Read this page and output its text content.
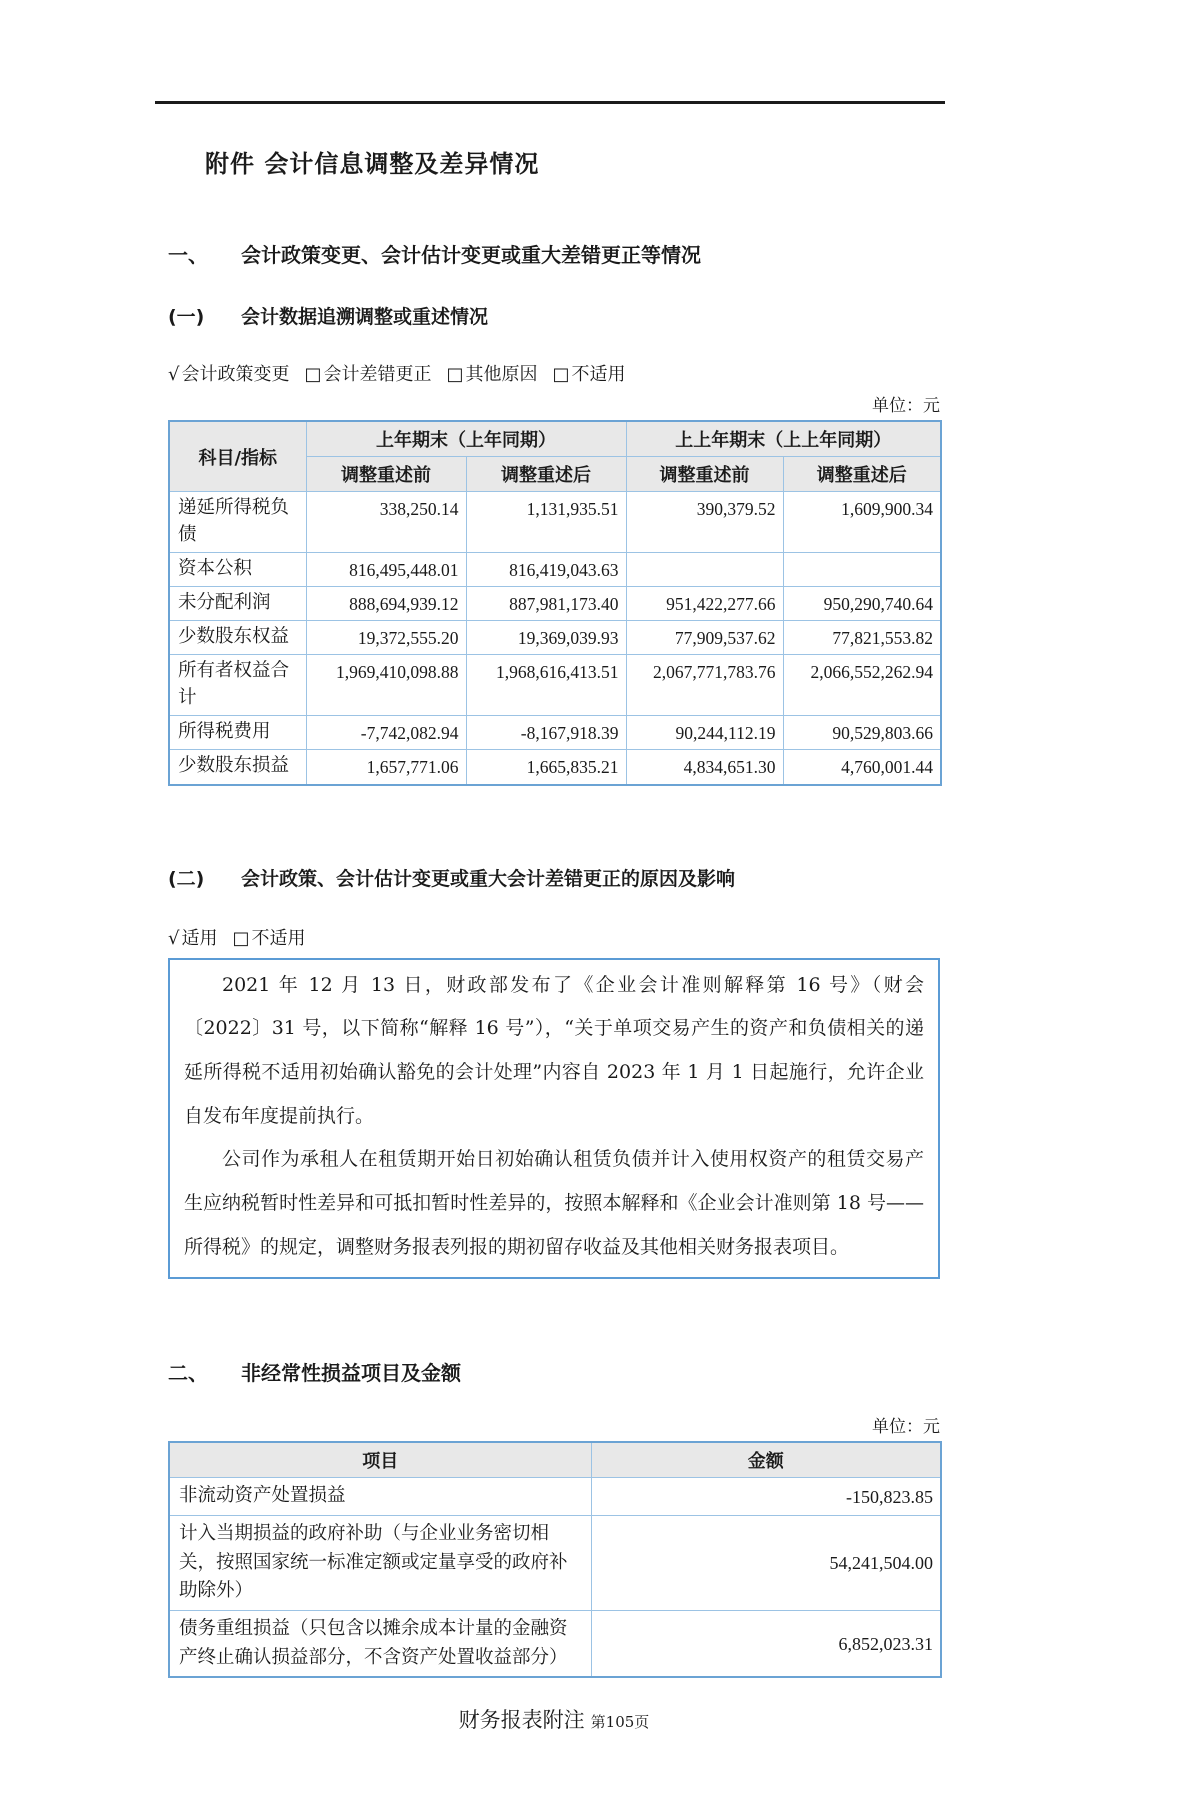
附件 会计信息调整及差异情况
一、 会计政策变更、会计估计变更或重大差错更正等情况
(一) 会计数据追溯调整或重述情况
√ 会计政策变更 □ 会计差错更正 □ 其他原因 □ 不适用
单位：元
科目/指标	上年期末（上年同期）		上上年期末（上上年同期）	
	调整重述前	调整重述后	调整重述前	调整重述后
递延所得税负债	338,250.14	1,131,935.51	390,379.52	1,609,900.34
资本公积	816,495,448.01	816,419,043.63		
未分配利润	888,694,939.12	887,981,173.40	951,422,277.66	950,290,740.64
少数股东权益	19,372,555.20	19,369,039.93	77,909,537.62	77,821,553.82
所有者权益合计	1,969,410,098.88	1,968,616,413.51	2,067,771,783.76	2,066,552,262.94
所得税费用	-7,742,082.94	-8,167,918.39	90,244,112.19	90,529,803.66
少数股东损益	1,657,771.06	1,665,835.21	4,834,651.30	4,760,001.44
(二) 会计政策、会计估计变更或重大会计差错更正的原因及影响
√ 适用 □ 不适用

2021 年 12 月 13 日，财政部发布了《企业会计准则解释第 16 号》（财会〔2022〕31 号，以下简称“解释 16 号”），“关于单项交易产生的资产和负债相关的递延所得税不适用初始确认豁免的会计处理”内容自 2023 年 1 月 1 日起施行，允许企业自发布年度提前执行。

公司作为承租人在租赁期开始日初始确认租赁负债并计入使用权资产的租赁交易产生应纳税暂时性差异和可抵扣暂时性差异的，按照本解释和《企业会计准则第 18 号——所得税》的规定，调整财务报表列报的期初留存收益及其他相关财务报表项目。

二、 非经常性损益项目及金额
单位：元
项目	金额
非流动资产处置损益	-150,823.85
计入当期损益的政府补助（与企业业务密切相关，按照国家统一标准定额或定量享受的政府补助除外）	54,241,504.00
债务重组损益（只包含以摊余成本计量的金融资产终止确认损益部分，不含资产处置收益部分）	6,852,023.31
财务报表附注 第105页
